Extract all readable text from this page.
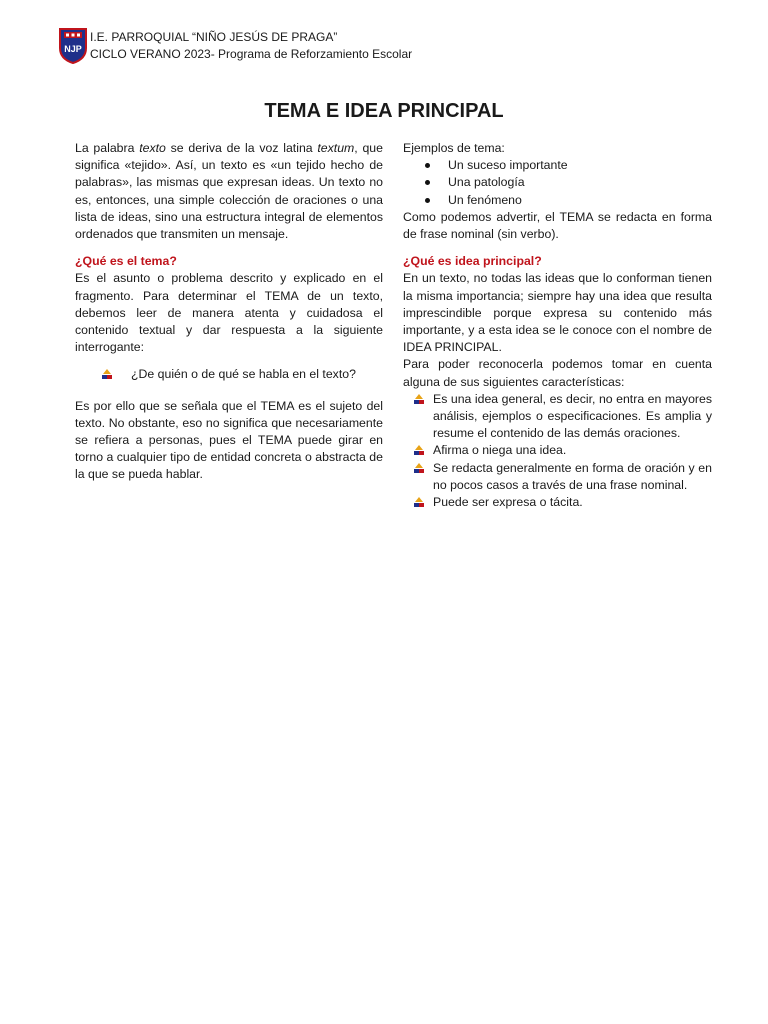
NJP
I.E. PARROQUIAL “NIÑO JESÚS DE PRAGA”
CICLO VERANO 2023- Programa de Reforzamiento Escolar
TEMA E IDEA PRINCIPAL

La palabra texto se deriva de la voz latina textum, que significa «tejido». Así, un texto es «un tejido hecho de palabras», las mismas que expresan ideas. Un texto no es, entonces, una simple colección de oraciones o una lista de ideas, sino una estructura integral de elementos ordenados que transmiten un mensaje.

¿Qué es el tema?

Es el asunto o problema descrito y explicado en el fragmento. Para determinar el TEMA de un texto, debemos leer de manera atenta y cuidadosa el contenido textual y dar respuesta a la siguiente interrogante:

¿De quién o de qué se habla en el texto?

Es por ello que se señala que el TEMA es el sujeto del texto. No obstante, eso no significa que necesariamente se refiera a personas, pues el TEMA puede girar en torno a cualquier tipo de entidad concreta o abstracta de la que se pueda hablar.

Ejemplos de tema:

Un suceso importante
Una patología
Un fenómeno

Como podemos advertir, el TEMA se redacta en forma de frase nominal (sin verbo).

¿Qué es idea principal?

En un texto, no todas las ideas que lo conforman tienen la misma importancia; siempre hay una idea que resulta imprescindible porque expresa su contenido más importante, y a esta idea se le conoce con el nombre de IDEA PRINCIPAL.

Para poder reconocerla podemos tomar en cuenta alguna de sus siguientes características:

Es una idea general, es decir, no entra en mayores análisis, ejemplos o especificaciones. Es amplia y resume el contenido de las demás oraciones.
Afirma o niega una idea.
Se redacta generalmente en forma de oración y en no pocos casos a través de una frase nominal.
Puede ser expresa o tácita.
